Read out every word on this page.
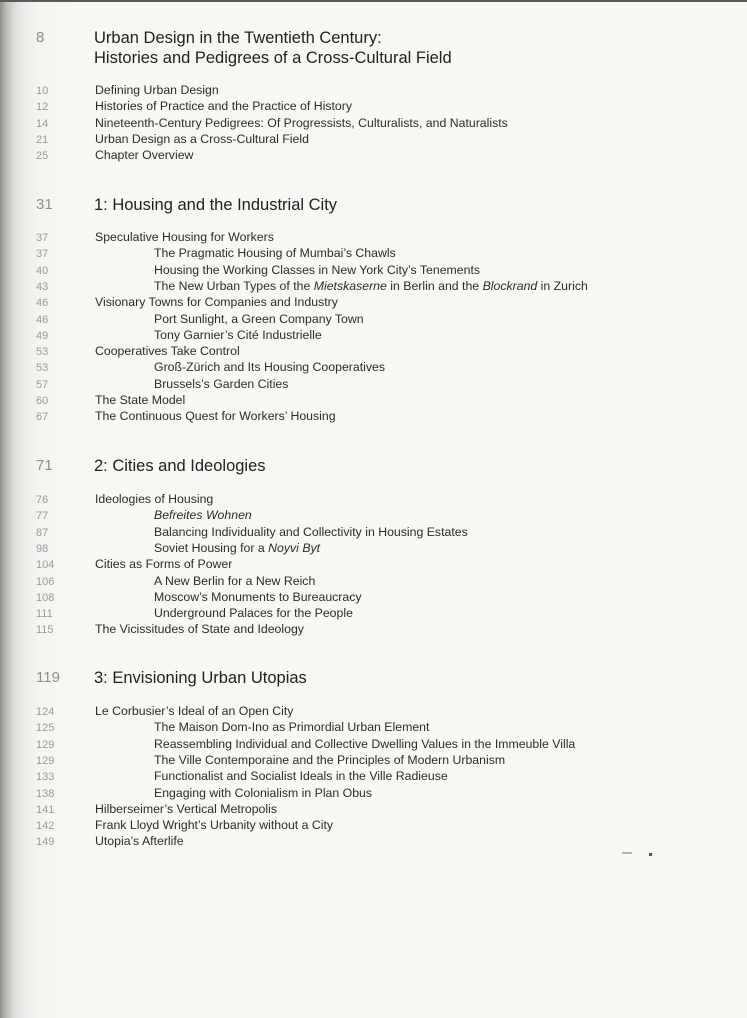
8	Urban Design in the Twentieth Century:
Histories and Pedigrees of a Cross-Cultural Field
10	Defining Urban Design
12	Histories of Practice and the Practice of History
14	Nineteenth-Century Pedigrees: Of Progressists, Culturalists, and Naturalists
21	Urban Design as a Cross-Cultural Field
25	Chapter Overview
31	1: Housing and the Industrial City
37	Speculative Housing for Workers
37	The Pragmatic Housing of Mumbai’s Chawls
40	Housing the Working Classes in New York City’s Tenements
43	The New Urban Types of the Mietskaserne in Berlin and the Blockrand in Zurich
46	Visionary Towns for Companies and Industry
46	Port Sunlight, a Green Company Town
49	Tony Garnier’s Cité Industrielle
53	Cooperatives Take Control
53	Groß-Zürich and Its Housing Cooperatives
57	Brussels’s Garden Cities
60	The State Model
67	The Continuous Quest for Workers’ Housing
71	2: Cities and Ideologies
76	Ideologies of Housing
77	Befreites Wohnen
87	Balancing Individuality and Collectivity in Housing Estates
98	Soviet Housing for a Noyvi Byt
104	Cities as Forms of Power
106	A New Berlin for a New Reich
108	Moscow’s Monuments to Bureaucracy
111	Underground Palaces for the People
115	The Vicissitudes of State and Ideology
119	3: Envisioning Urban Utopias
124	Le Corbusier’s Ideal of an Open City
125	The Maison Dom-Ino as Primordial Urban Element
129	Reassembling Individual and Collective Dwelling Values in the Immeuble Villa
129	The Ville Contemporaine and the Principles of Modern Urbanism
133	Functionalist and Socialist Ideals in the Ville Radieuse
138	Engaging with Colonialism in Plan Obus
141	Hilberseimer’s Vertical Metropolis
142	Frank Lloyd Wright’s Urbanity without a City
149	Utopia’s Afterlife
